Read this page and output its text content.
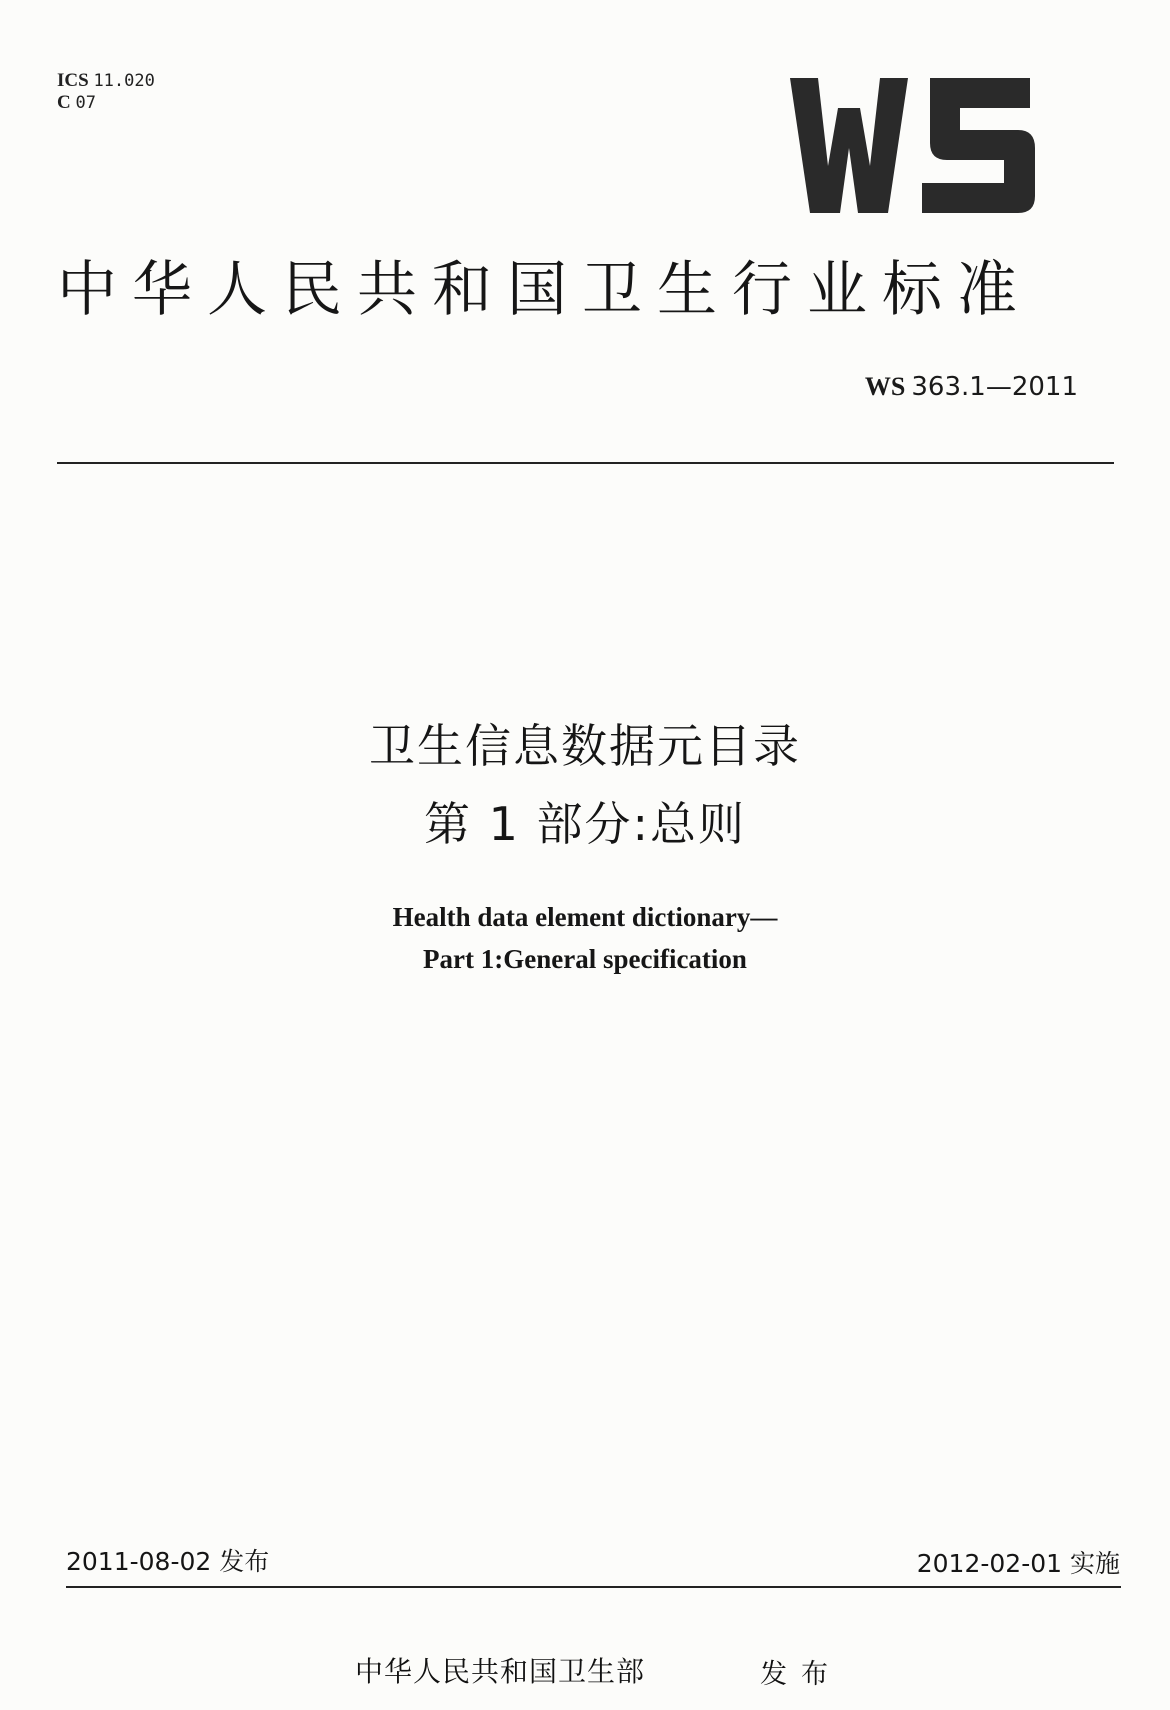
ICS 11.020
C 07
中华人民共和国卫生行业标准
WS 363.1—2011
卫生信息数据元目录
第 1 部分:总则
Health data element dictionary—
Part 1:General specification
2011-08-02 发布	2012-02-01 实施
中华人民共和国卫生部	发布
